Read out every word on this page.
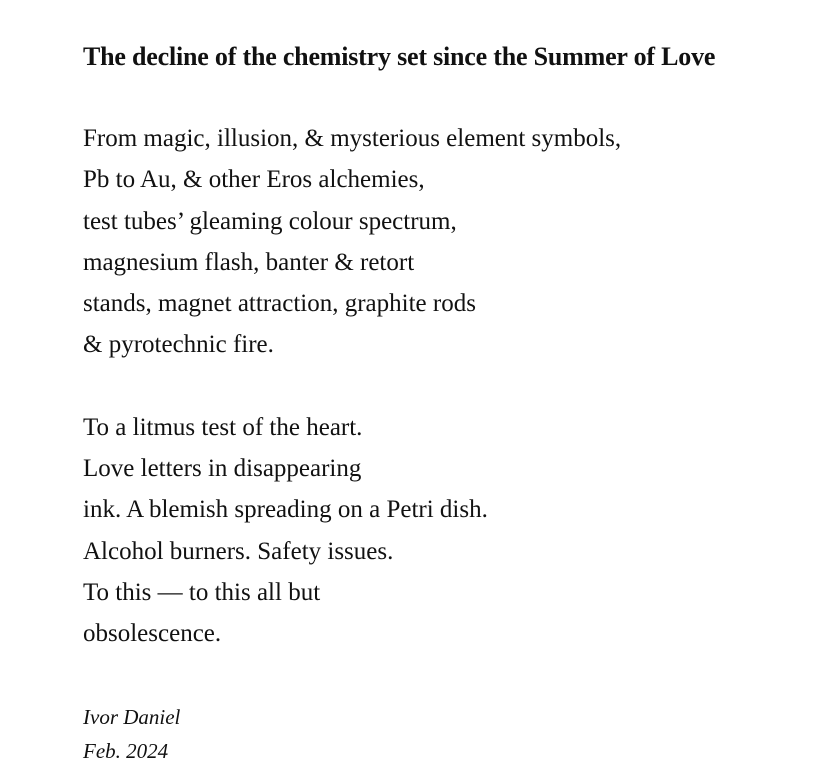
The decline of the chemistry set since the Summer of Love
From magic, illusion, & mysterious element symbols,
Pb to Au, & other Eros alchemies,
test tubes’ gleaming colour spectrum,
magnesium flash, banter & retort
stands, magnet attraction, graphite rods
& pyrotechnic fire.
To a litmus test of the heart.
Love letters in disappearing
ink. A blemish spreading on a Petri dish.
Alcohol burners. Safety issues.
To this — to this all but
obsolescence.
Ivor Daniel
Feb. 2024
